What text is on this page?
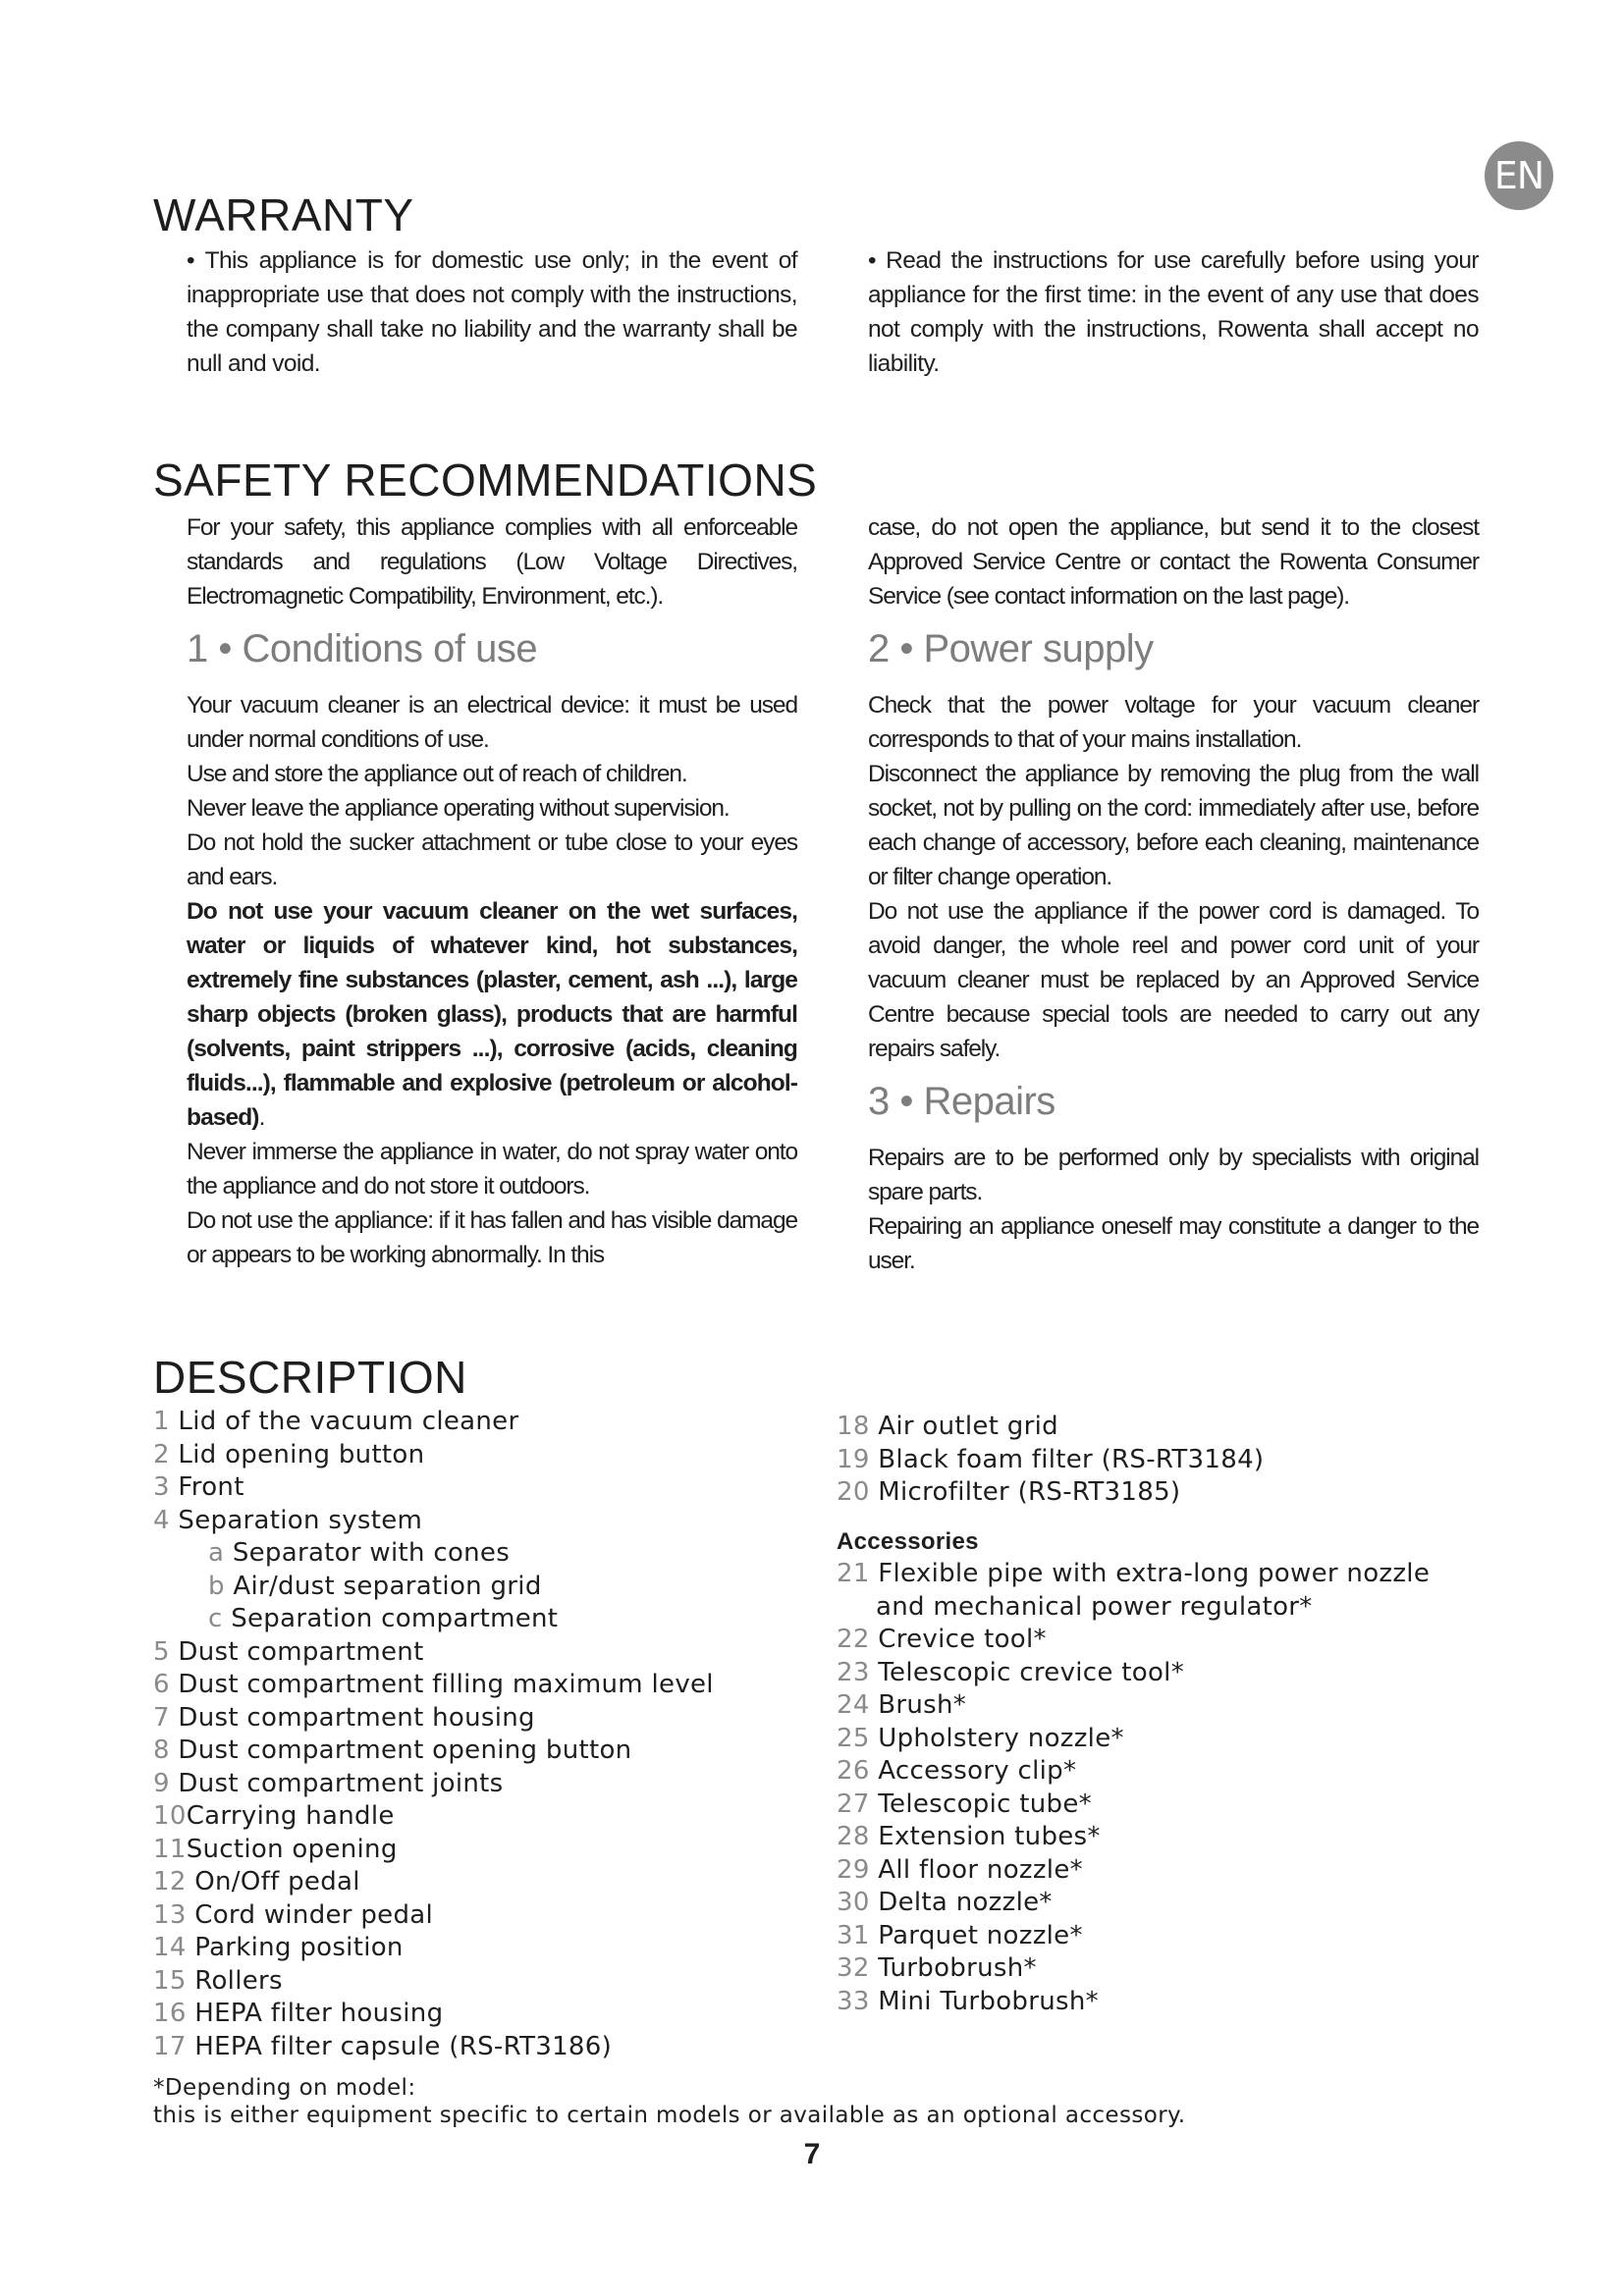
EN
WARRANTY

• This appliance is for domestic use only; in the event of inappropriate use that does not comply with the instructions, the company shall take no liability and the warranty shall be null and void.

• Read the instructions for use carefully before using your appliance for the first time: in the event of any use that does not comply with the instructions, Rowenta shall accept no liability.

SAFETY RECOMMENDATIONS

For your safety, this appliance complies with all enforceable standards and regulations (Low Voltage Directives, Electromagnetic Compatibility, Environment, etc.).

1 • Conditions of use

Your vacuum cleaner is an electrical device: it must be used under normal conditions of use.

Use and store the appliance out of reach of children.

Never leave the appliance operating without supervision.

Do not hold the sucker attachment or tube close to your eyes and ears.

Do not use your vacuum cleaner on the wet surfaces, water or liquids of whatever kind, hot substances, extremely fine substances (plaster, cement, ash ...), large sharp objects (broken glass), products that are harmful (solvents, paint strippers ...), corrosive (acids, cleaning fluids...), flammable and explosive (petroleum or alcohol-based).

Never immerse the appliance in water, do not spray water onto the appliance and do not store it outdoors.

Do not use the appliance: if it has fallen and has visible damage or appears to be working abnormally. In this

case, do not open the appliance, but send it to the closest Approved Service Centre or contact the Rowenta Consumer Service (see contact information on the last page).

2 • Power supply

Check that the power voltage for your vacuum cleaner corresponds to that of your mains installation.

Disconnect the appliance by removing the plug from the wall socket, not by pulling on the cord: immediately after use, before each change of accessory, before each cleaning, maintenance or filter change operation.

Do not use the appliance if the power cord is damaged. To avoid danger, the whole reel and power cord unit of your vacuum cleaner must be replaced by an Approved Service Centre because special tools are needed to carry out any repairs safely.

3 • Repairs

Repairs are to be performed only by specialists with original spare parts.

Repairing an appliance oneself may constitute a danger to the user.

DESCRIPTION
1 Lid of the vacuum cleaner
2 Lid opening button
3 Front
4 Separation system
a Separator with cones
b Air/dust separation grid
c Separation compartment
5 Dust compartment
6 Dust compartment filling maximum level
7 Dust compartment housing
8 Dust compartment opening button
9 Dust compartment joints
10Carrying handle
11Suction opening
12 On/Off pedal
13 Cord winder pedal
14 Parking position
15 Rollers
16 HEPA filter housing
17 HEPA filter capsule (RS-RT3186)
18 Air outlet grid
19 Black foam filter (RS-RT3184)
20 Microfilter (RS-RT3185)
Accessories
21 Flexible pipe with extra-long power nozzle
and mechanical power regulator*
22 Crevice tool*
23 Telescopic crevice tool*
24 Brush*
25 Upholstery nozzle*
26 Accessory clip*
27 Telescopic tube*
28 Extension tubes*
29 All floor nozzle*
30 Delta nozzle*
31 Parquet nozzle*
32 Turbobrush*
33 Mini Turbobrush*
*Depending on model:
this is either equipment specific to certain models or available as an optional accessory.
7
